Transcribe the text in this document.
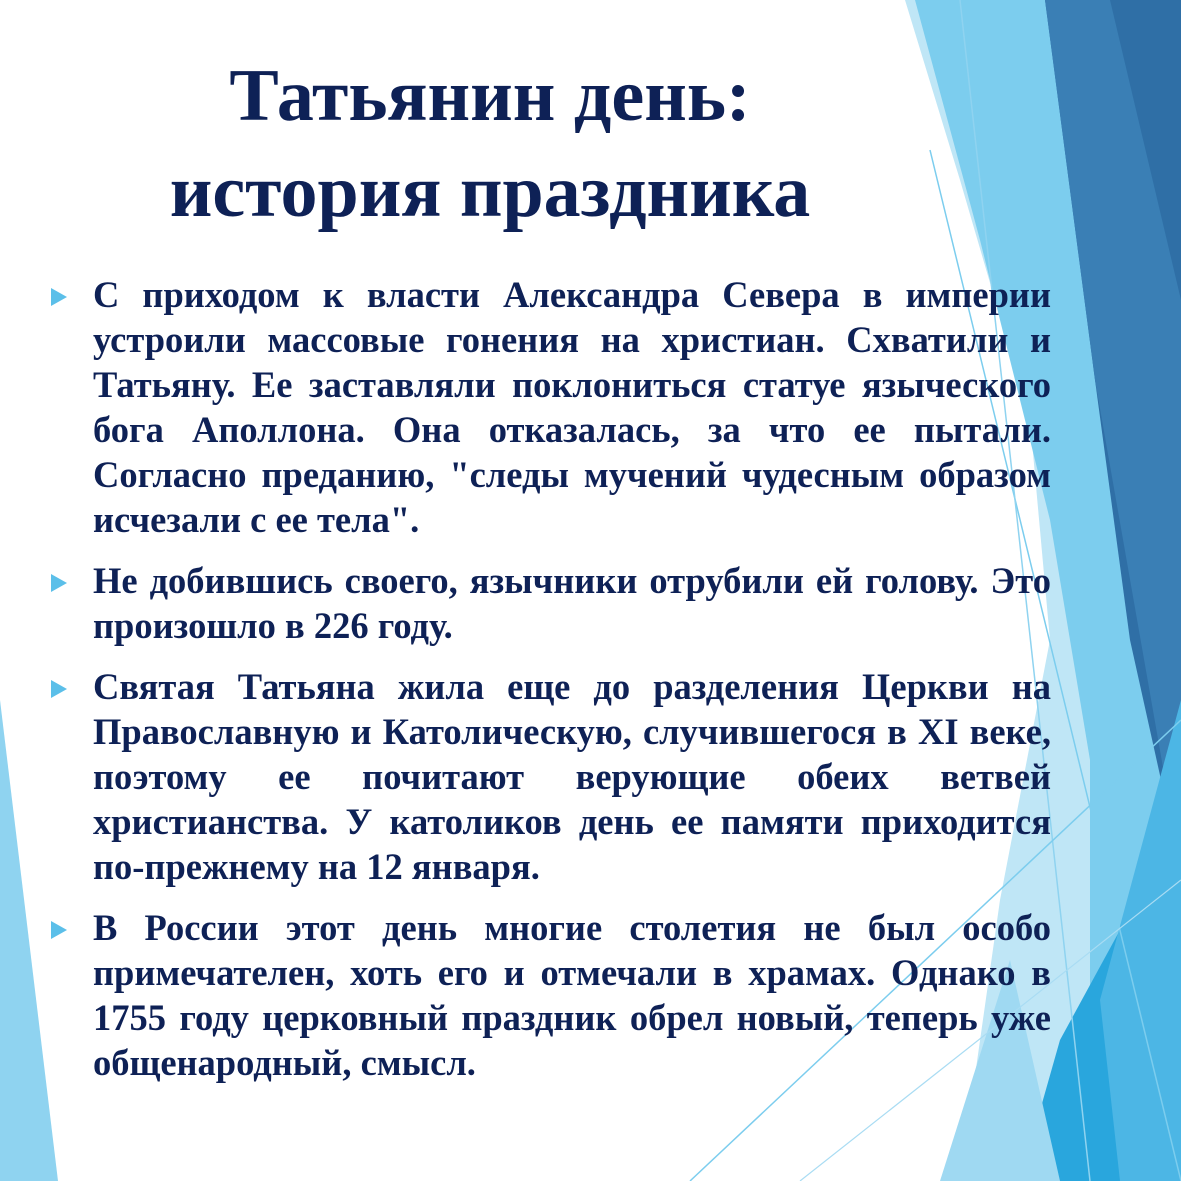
Татьянин день:
история праздника
С приходом к власти Александра Севера в империи устроили массовые гонения на христиан. Схватили и Татьяну. Ее заставляли поклониться статуе языческого бога Аполлона. Она отказалась, за что ее пытали. Согласно преданию, "следы мучений чудесным образом исчезали с ее тела".
Не добившись своего, язычники отрубили ей голову. Это произошло в 226 году.
Святая Татьяна жила еще до разделения Церкви на Православную и Католическую, случившегося в XI веке, поэтому ее почитают верующие обеих ветвей христианства. У католиков день ее памяти приходится по-прежнему на 12 января.
В России этот день многие столетия не был особо примечателен, хоть его и отмечали в храмах. Однако в 1755 году церковный праздник обрел новый, теперь уже общенародный, смысл.
